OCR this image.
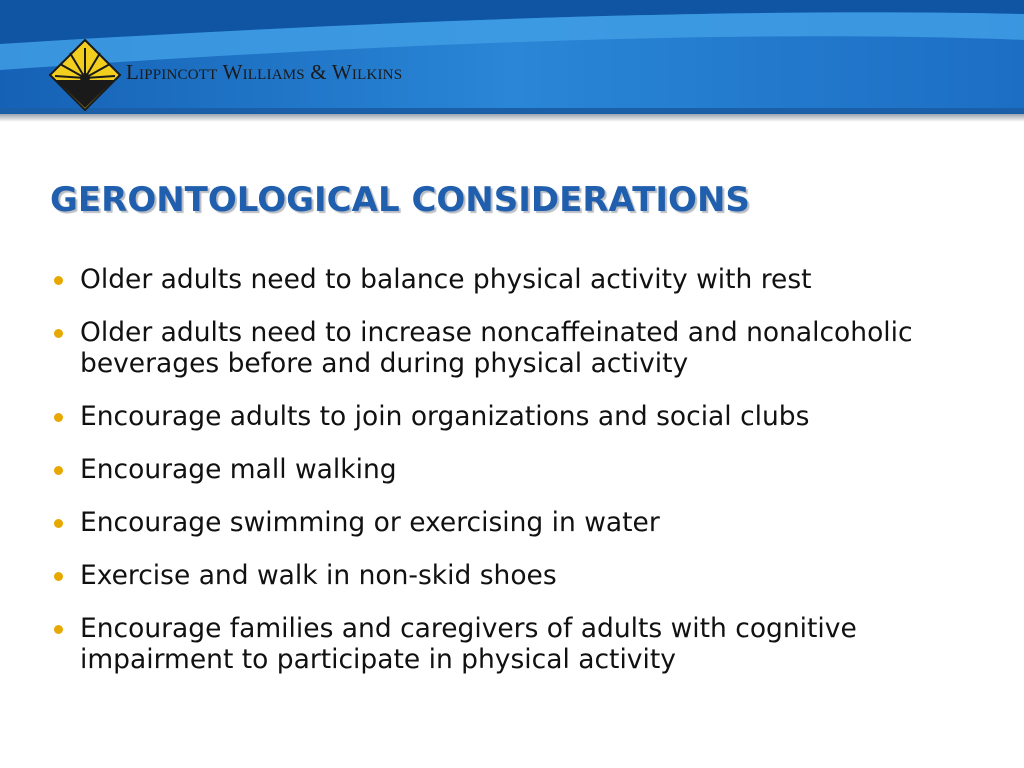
Lippincott Williams & Wilkins
GERONTOLOGICAL CONSIDERATIONS
Older adults need to balance physical activity with rest
Older adults need to increase noncaffeinated and nonalcoholic beverages before and during physical activity
Encourage adults to join organizations and social clubs
Encourage mall walking
Encourage swimming or exercising in water
Exercise and walk in non-skid shoes
Encourage families and caregivers of adults with cognitive impairment to participate in physical activity
